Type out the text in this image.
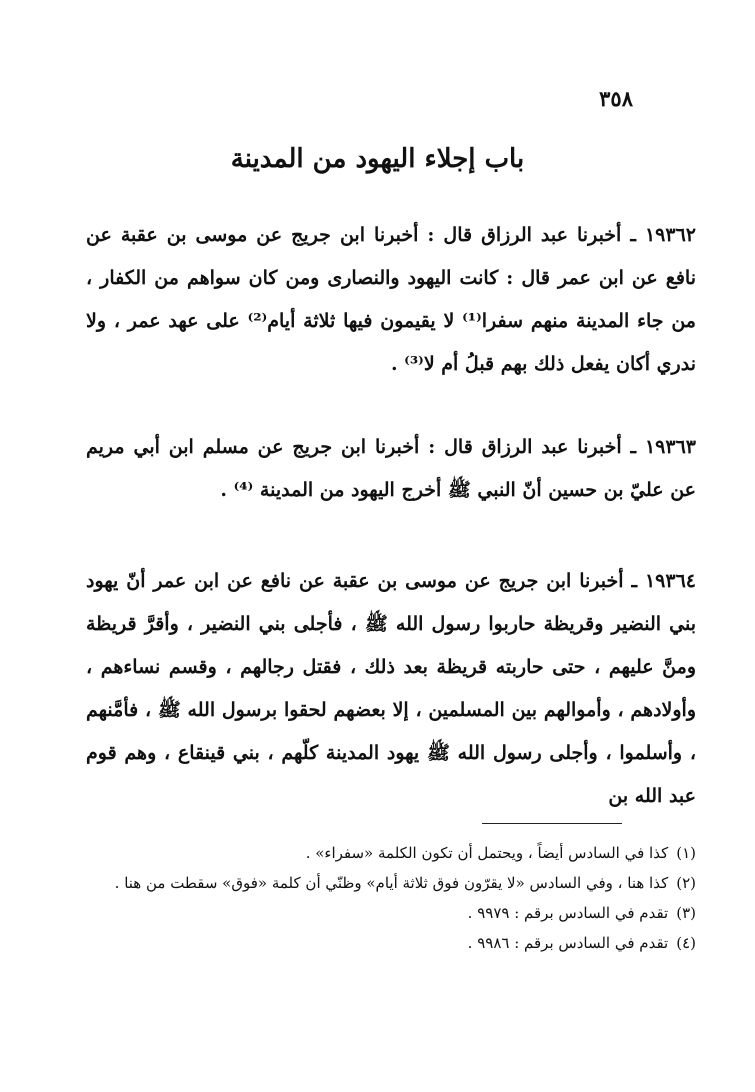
٣٥٨
باب إجلاء اليهود من المدينة
١٩٣٦٢ ـ أخبرنا عبد الرزاق قال : أخبرنا ابن جريج عن موسى بن عقبة عن نافع عن ابن عمر قال : كانت اليهود والنصارى ومن كان سواهم من الكفار ، من جاء المدينة منهم سفرا⁽¹⁾ لا يقيمون فيها ثلاثة أيام⁽²⁾ على عهد عمر ، ولا ندري أكان يفعل ذلك بهم قبلُ أم لا⁽³⁾ .
١٩٣٦٣ ـ أخبرنا عبد الرزاق قال : أخبرنا ابن جريج عن مسلم ابن أبي مريم عن عليّ بن حسين أنّ النبي ﷺ أخرج اليهود من المدينة ⁽⁴⁾ .
١٩٣٦٤ ـ أخبرنا ابن جريج عن موسى بن عقبة عن نافع عن ابن عمر أنّ يهود بني النضير وقريظة حاربوا رسول الله ﷺ ، فأجلى بني النضير ، وأقرَّ قريظة ومنَّ عليهم ، حتى حاربته قريظة بعد ذلك ، فقتل رجالهم ، وقسم نساءهم ، وأولادهم ، وأموالهم بين المسلمين ، إلا بعضهم لحقوا برسول الله ﷺ ، فأمَّنهم ، وأسلموا ، وأجلى رسول الله ﷺ يهود المدينة كلّهم ، بني قينقاع ، وهم قوم عبد الله بن

(١)كذا في السادس أيضاً ، ويحتمل أن تكون الكلمة «سفراء» .

(٢)كذا هنا ، وفي السادس «لا يقرّون فوق ثلاثة أيام» وظنّي أن كلمة «فوق» سقطت من هنا .

(٣)تقدم في السادس برقم : ٩٩٧٩ .

(٤)تقدم في السادس برقم : ٩٩٨٦ .
